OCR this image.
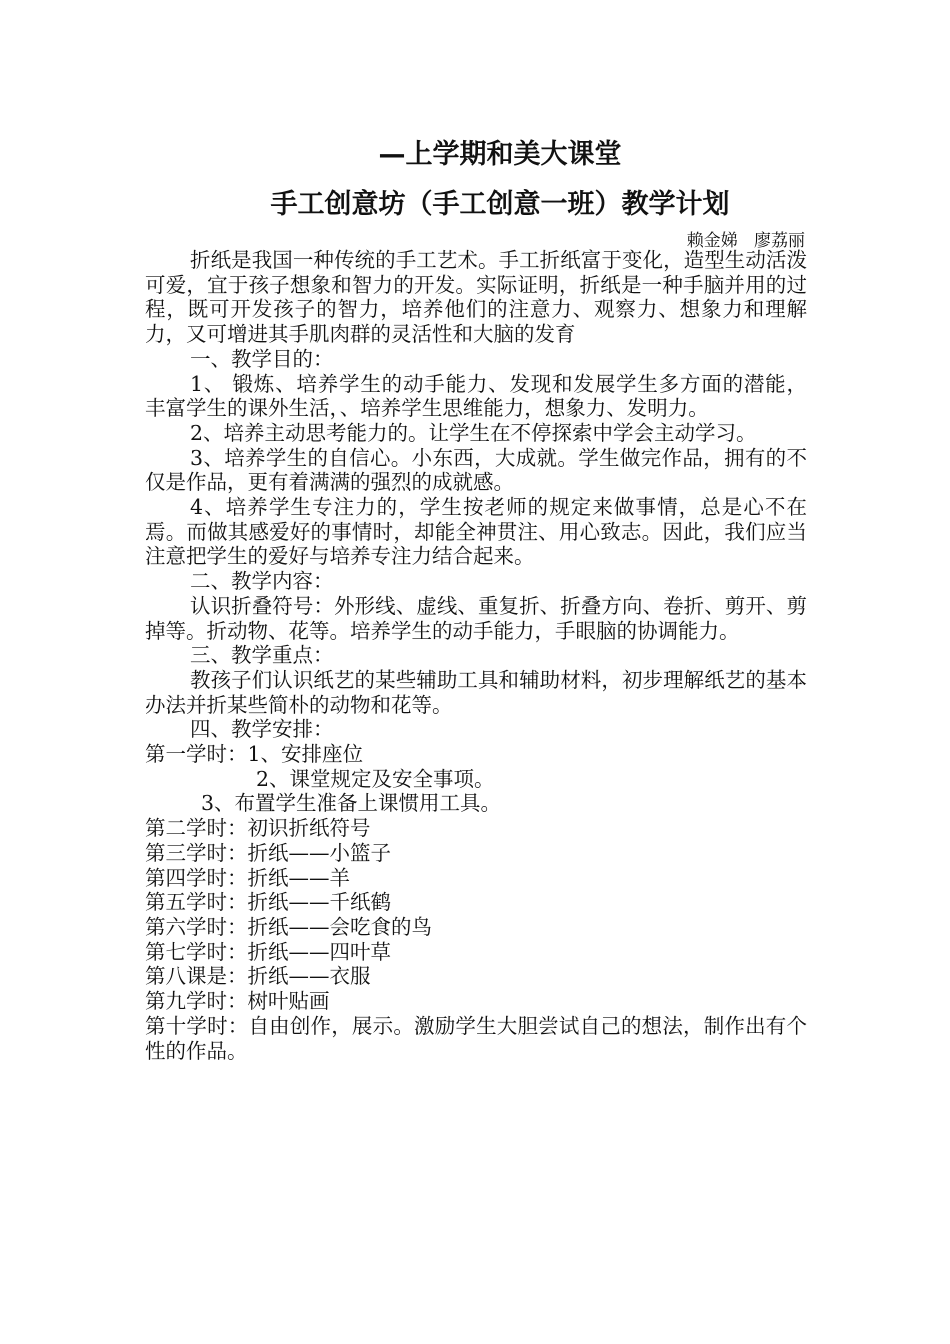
—上学期和美大课堂
手工创意坊（手工创意一班）教学计划
赖金娣   廖荔丽

折纸是我国一种传统的手工艺术。手工折纸富于变化，造型生动活泼可爱，宜于孩子想象和智力的开发。实际证明，折纸是一种手脑并用的过程，既可开发孩子的智力，培养他们的注意力、观察力、想象力和理解力，又可增进其手肌肉群的灵活性和大脑的发育

一、教学目的：

1、 锻炼、培养学生的动手能力、发现和发展学生多方面的潜能， 丰富学生的课外生活，、培养学生思维能力，想象力、发明力。

2、培养主动思考能力的。让学生在不停探索中学会主动学习。

3、培养学生的自信心。小东西，大成就。学生做完作品，拥有的不仅是作品，更有着满满的强烈的成就感。

4、培养学生专注力的，学生按老师的规定来做事情，总是心不在焉。而做其感爱好的事情时，却能全神贯注、用心致志。因此，我们应当注意把学生的爱好与培养专注力结合起来。

二、教学内容：

认识折叠符号：外形线、虚线、重复折、折叠方向、卷折、剪开、剪掉等。折动物、花等。培养学生的动手能力，手眼脑的协调能力。

三、教学重点：

教孩子们认识纸艺的某些辅助工具和辅助材料，初步理解纸艺的基本办法并折某些简朴的动物和花等。

四、教学安排：

第一学时：1、安排座位

2、课堂规定及安全事项。

3、布置学生准备上课惯用工具。

第二学时：初识折纸符号

第三学时：折纸——小篮子

第四学时：折纸——羊

第五学时：折纸——千纸鹤

第六学时：折纸——会吃食的鸟

第七学时：折纸——四叶草

第八课是：折纸——衣服

第九学时：树叶贴画

第十学时：自由创作，展示。激励学生大胆尝试自己的想法，制作出有个性的作品。
